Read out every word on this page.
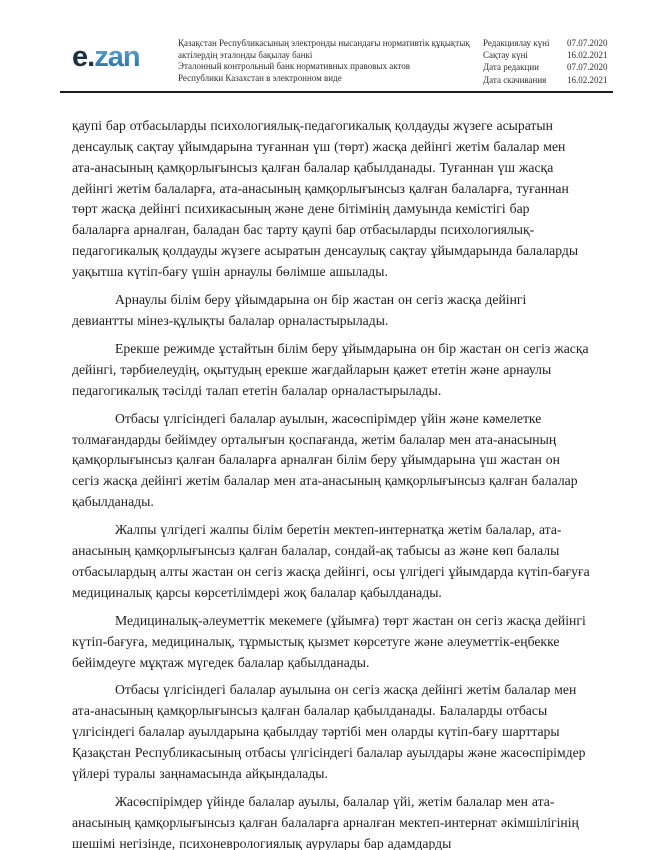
e.zan	Қазақстан Республикасының электронды нысандағы нормативтік құқықтық
актілердің эталонды бақылау банкі
Эталонный контрольный банк нормативных правовых актов
Республики Казахстан в электронном виде
Редакциялау күні	07.07.2020
Сақтау күні	16.02.2021
Дата редакции	07.07.2020
Дата скачивания	16.02.2021

қаупі бар отбасыларды психологиялық-педагогикалық қолдауды жүзеге асыратын денсаулық сақтау ұйымдарына туғаннан үш (төрт) жасқа дейінгі жетім балалар мен ата-анасының қамқорлығынсыз қалған балалар қабылданады. Туғаннан үш жасқа дейінгі жетім балаларға, ата-анасының қамқорлығынсыз қалған балаларға, туғаннан төрт жасқа дейінгі психикасының және дене бітімінің дамуында кемістігі бар балаларға арналған, баладан бас тарту қаупі бар отбасыларды психологиялық-педагогикалық қолдауды жүзеге асыратын денсаулық сақтау ұйымдарында балаларды уақытша күтіп-бағу үшін арнаулы бөлімше ашылады.

Арнаулы білім беру ұйымдарына он бір жастан он сегіз жасқа дейінгі девиантты мінез-құлықты балалар орналастырылады.

Ерекше режимде ұстайтын білім беру ұйымдарына он бір жастан он сегіз жасқа дейінгі, тәрбиелеудің, оқытудың ерекше жағдайларын қажет ететін және арнаулы педагогикалық тәсілді талап ететін балалар орналастырылады.

Отбасы үлгісіндегі балалар ауылын, жасөспірімдер үйін және кәмелетке толмағандарды бейімдеу орталығын қоспағанда, жетім балалар мен ата-анасының қамқорлығынсыз қалған балаларға арналған білім беру ұйымдарына үш жастан он сегіз жасқа дейінгі жетім балалар мен ата-анасының қамқорлығынсыз қалған балалар қабылданады.

Жалпы үлгідегі жалпы білім беретін мектеп-интернатқа жетім балалар, ата-анасының қамқорлығынсыз қалған балалар, сондай-ақ табысы аз және көп балалы отбасылардың алты жастан он сегіз жасқа дейінгі, осы үлгідегі ұйымдарда күтіп-бағуға медициналық қарсы көрсетілімдері жоқ балалар қабылданады.

Медициналық-әлеуметтік мекемеге (ұйымға) төрт жастан он сегіз жасқа дейінгі күтіп-бағуға, медициналық, тұрмыстық қызмет көрсетуге және әлеуметтік-еңбекке бейімдеуге мұқтаж мүгедек балалар қабылданады.

Отбасы үлгісіндегі балалар ауылына он сегіз жасқа дейінгі жетім балалар мен ата-анасының қамқорлығынсыз қалған балалар қабылданады. Балаларды отбасы үлгісіндегі балалар ауылдарына қабылдау тәртібі мен оларды күтіп-бағу шарттары Қазақстан Республикасының отбасы үлгісіндегі балалар ауылдары және жасөспірімдер үйлері туралы заңнамасында айқындалады.

Жасөспірімдер үйінде балалар ауылы, балалар үйі, жетім балалар мен ата-анасының қамқорлығынсыз қалған балаларға арналған мектеп-интернат әкімшілігінің шешімі негізінде, психоневрологиялық аурулары бар адамдарды
